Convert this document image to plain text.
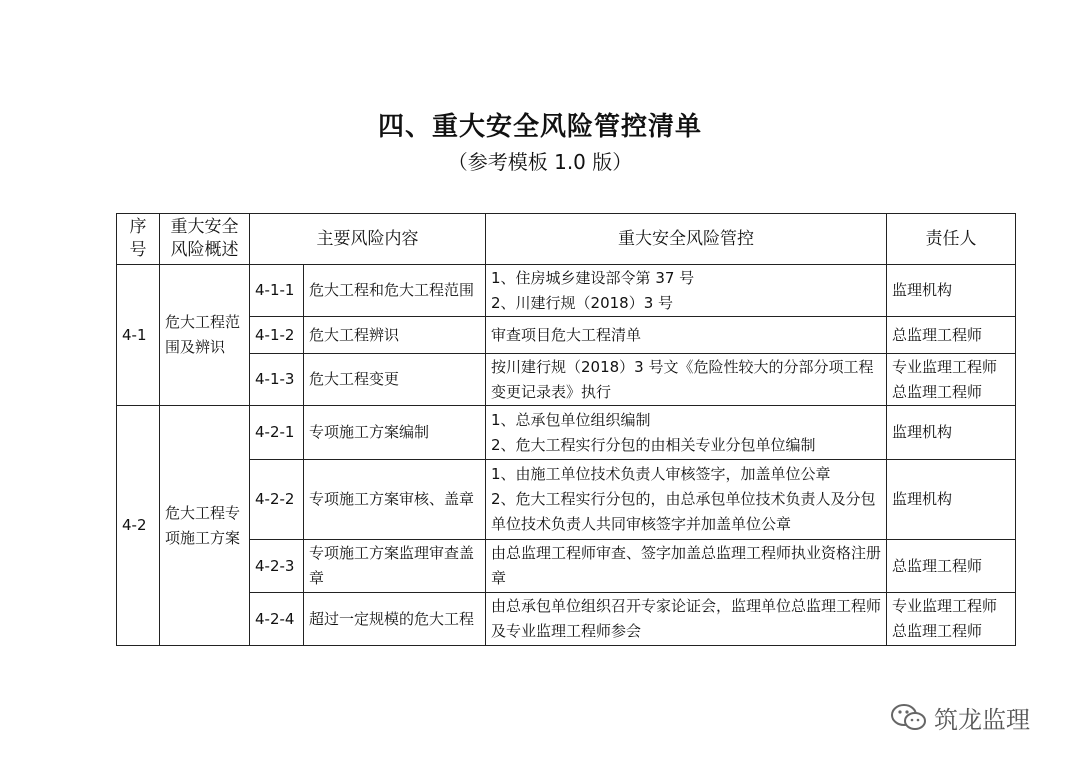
四、重大安全风险管控清单
（参考模板 1.0 版）
序
号	重大安全
风险概述	主要风险内容		重大安全风险管控	责任人
4-1	危大工程范围及辨识	4-1-1	危大工程和危大工程范围	1、住房城乡建设部令第 37 号
2、川建行规（2018）3 号	监理机构

		4-1-2	危大工程辨识	审查项目危大工程清单	总监理工程师

		4-1-3	危大工程变更	按川建行规（2018）3 号文《危险性较大的分部分项工程变更记录表》执行	专业监理工程师
总监理工程师

4-2	危大工程专项施工方案	4-2-1	专项施工方案编制	1、总承包单位组织编制
2、危大工程实行分包的由相关专业分包单位编制	监理机构

		4-2-2	专项施工方案审核、盖章	1、由施工单位技术负责人审核签字，加盖单位公章
2、危大工程实行分包的，由总承包单位技术负责人及分包单位技术负责人共同审核签字并加盖单位公章	监理机构

		4-2-3	专项施工方案监理审查盖章	由总监理工程师审查、签字加盖总监理工程师执业资格注册章	总监理工程师

		4-2-4	超过一定规模的危大工程	由总承包单位组织召开专家论证会，监理单位总监理工程师及专业监理工程师参会	专业监理工程师
总监理工程师
筑龙监理
